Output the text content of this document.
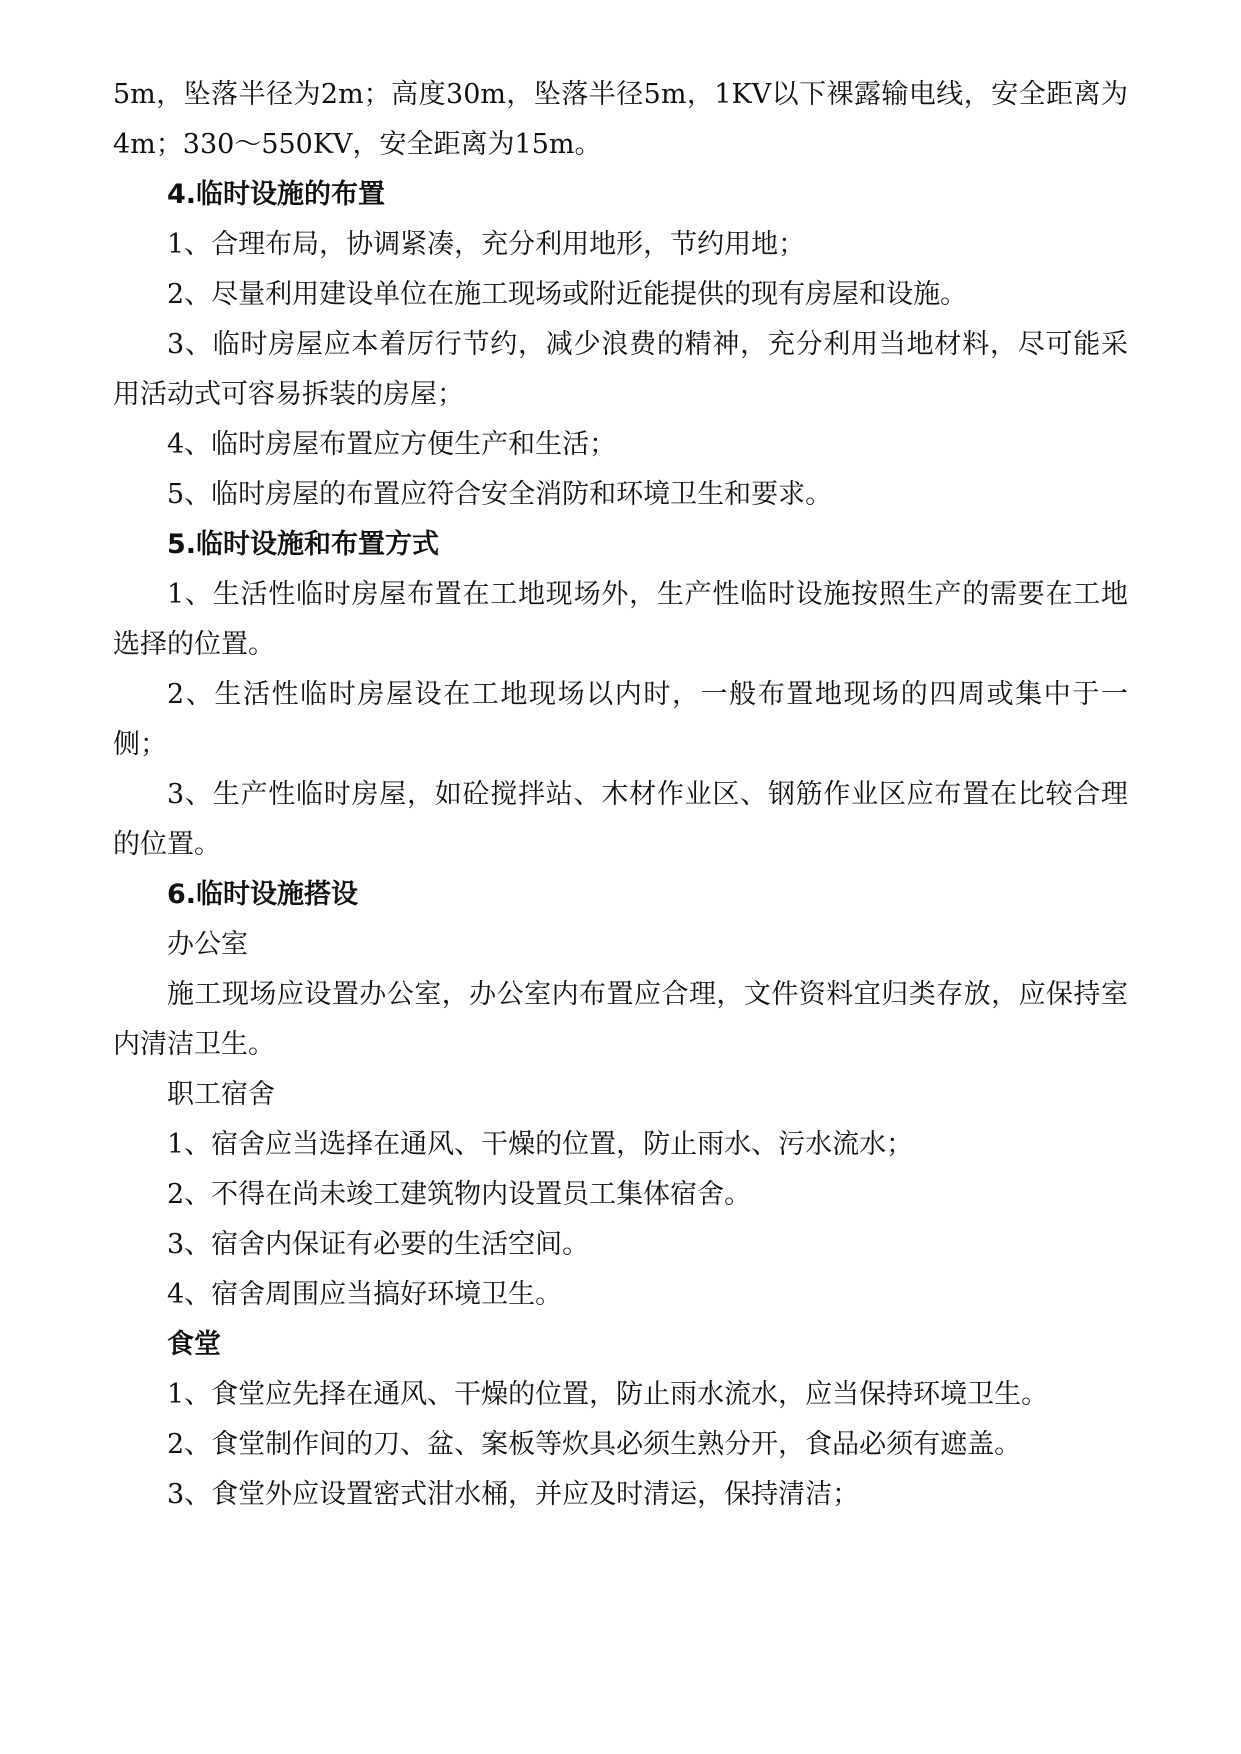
5m，坠落半径为2m；高度30m，坠落半径5m，1KV以下裸露输电线，安全距离为4m；330～550KV，安全距离为15m。

4.临时设施的布置

1、合理布局，协调紧凑，充分利用地形，节约用地；

2、尽量利用建设单位在施工现场或附近能提供的现有房屋和设施。

3、临时房屋应本着厉行节约，减少浪费的精神，充分利用当地材料，尽可能采用活动式可容易拆装的房屋；

4、临时房屋布置应方便生产和生活；

5、临时房屋的布置应符合安全消防和环境卫生和要求。

5.临时设施和布置方式

1、生活性临时房屋布置在工地现场外，生产性临时设施按照生产的需要在工地选择的位置。

2、生活性临时房屋设在工地现场以内时，一般布置地现场的四周或集中于一侧；

3、生产性临时房屋，如砼搅拌站、木材作业区、钢筋作业区应布置在比较合理的位置。

6.临时设施搭设

办公室

施工现场应设置办公室，办公室内布置应合理，文件资料宜归类存放，应保持室内清洁卫生。

职工宿舍

1、宿舍应当选择在通风、干燥的位置，防止雨水、污水流水；

2、不得在尚未竣工建筑物内设置员工集体宿舍。

3、宿舍内保证有必要的生活空间。

4、宿舍周围应当搞好环境卫生。

食堂

1、食堂应先择在通风、干燥的位置，防止雨水流水，应当保持环境卫生。

2、食堂制作间的刀、盆、案板等炊具必须生熟分开，食品必须有遮盖。

3、食堂外应设置密式泔水桶，并应及时清运，保持清洁；
